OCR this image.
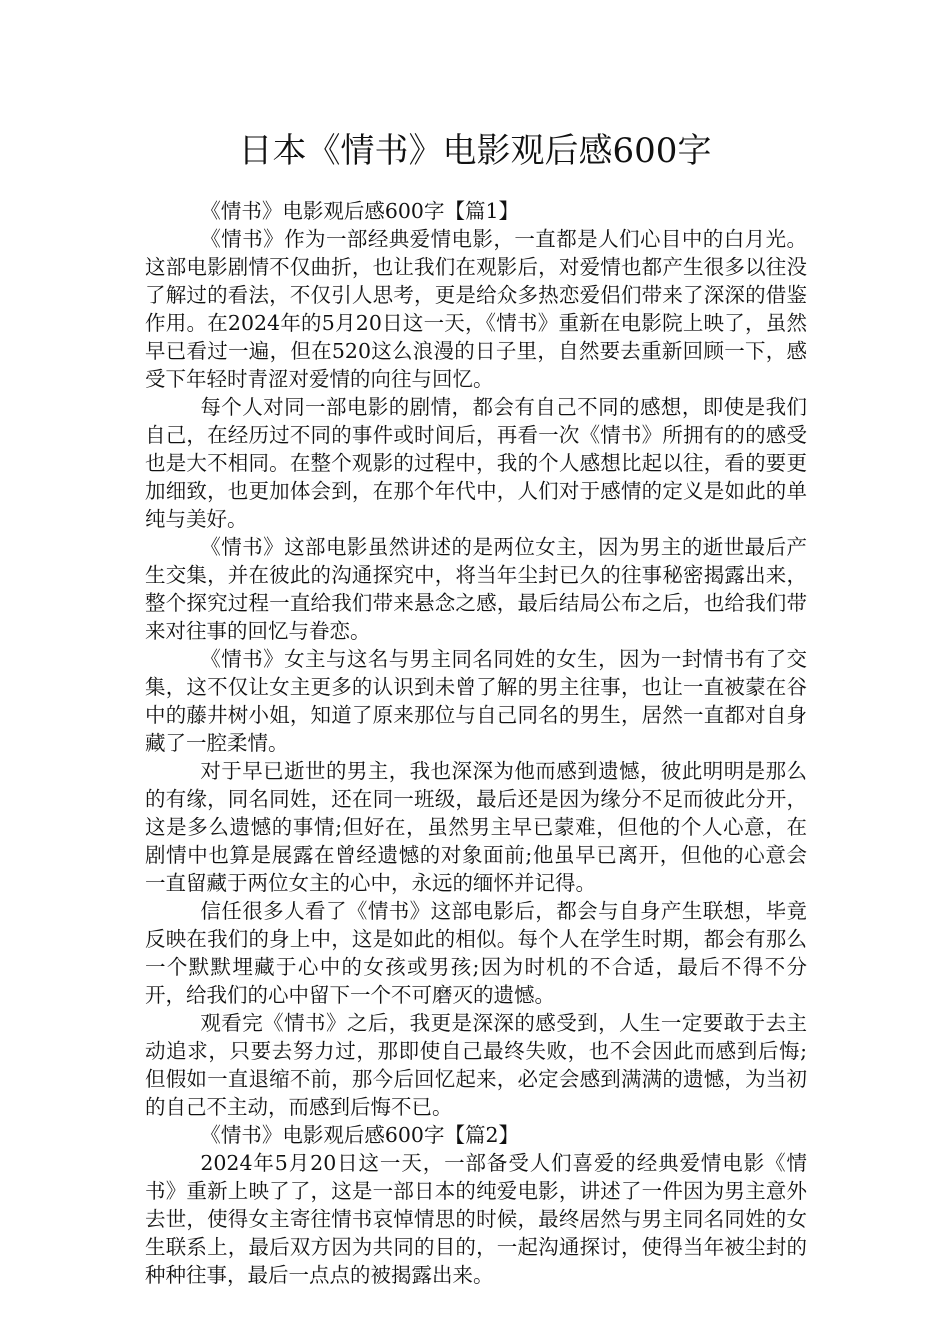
日本《情书》电影观后感600字

《情书》电影观后感600字【篇1】

《情书》作为一部经典爱情电影，一直都是人们心目中的白月光。这部电影剧情不仅曲折，也让我们在观影后，对爱情也都产生很多以往没了解过的看法，不仅引人思考，更是给众多热恋爱侣们带来了深深的借鉴作用。在2024年的5月20日这一天，《情书》重新在电影院上映了，虽然早已看过一遍，但在520这么浪漫的日子里，自然要去重新回顾一下，感受下年轻时青涩对爱情的向往与回忆。

每个人对同一部电影的剧情，都会有自己不同的感想，即使是我们自己，在经历过不同的事件或时间后，再看一次《情书》所拥有的的感受也是大不相同。在整个观影的过程中，我的个人感想比起以往，看的要更加细致，也更加体会到，在那个年代中，人们对于感情的定义是如此的单纯与美好。

《情书》这部电影虽然讲述的是两位女主，因为男主的逝世最后产生交集，并在彼此的沟通探究中，将当年尘封已久的往事秘密揭露出来，整个探究过程一直给我们带来悬念之感，最后结局公布之后，也给我们带来对往事的回忆与眷恋。

《情书》女主与这名与男主同名同姓的女生，因为一封情书有了交集，这不仅让女主更多的认识到未曾了解的男主往事，也让一直被蒙在谷中的藤井树小姐，知道了原来那位与自己同名的男生，居然一直都对自身藏了一腔柔情。

对于早已逝世的男主，我也深深为他而感到遗憾，彼此明明是那么的有缘，同名同姓，还在同一班级，最后还是因为缘分不足而彼此分开，这是多么遗憾的事情;但好在，虽然男主早已蒙难，但他的个人心意，在剧情中也算是展露在曾经遗憾的对象面前;他虽早已离开，但他的心意会一直留藏于两位女主的心中，永远的缅怀并记得。

信任很多人看了《情书》这部电影后，都会与自身产生联想，毕竟反映在我们的身上中，这是如此的相似。每个人在学生时期，都会有那么一个默默埋藏于心中的女孩或男孩;因为时机的不合适，最后不得不分开，给我们的心中留下一个不可磨灭的遗憾。

观看完《情书》之后，我更是深深的感受到，人生一定要敢于去主动追求，只要去努力过，那即使自己最终失败，也不会因此而感到后悔;但假如一直退缩不前，那今后回忆起来，必定会感到满满的遗憾，为当初的自己不主动，而感到后悔不已。

《情书》电影观后感600字【篇2】

2024年5月20日这一天，一部备受人们喜爱的经典爱情电影《情书》重新上映了了，这是一部日本的纯爱电影，讲述了一件因为男主意外去世，使得女主寄往情书哀悼情思的时候，最终居然与男主同名同姓的女生联系上，最后双方因为共同的目的，一起沟通探讨，使得当年被尘封的种种往事，最后一点点的被揭露出来。
